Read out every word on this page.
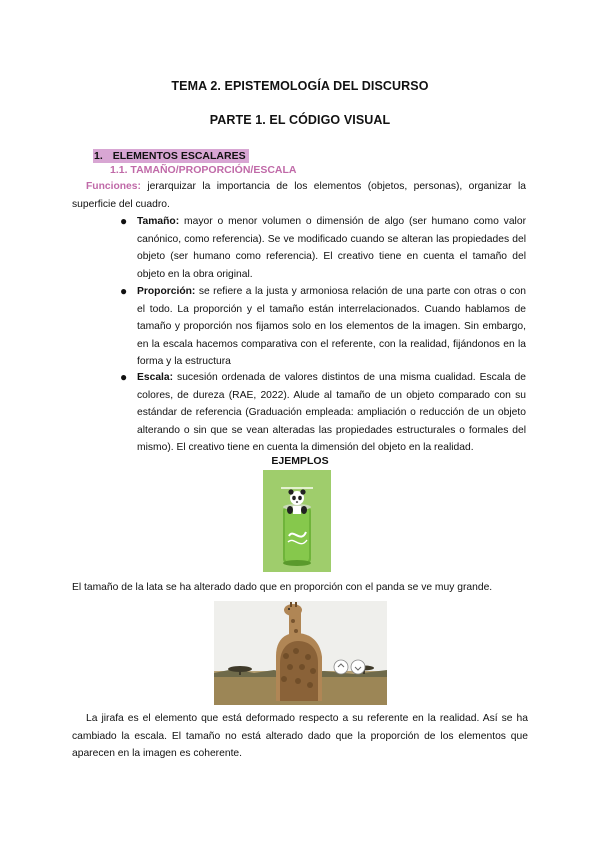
TEMA 2. EPISTEMOLOGÍA DEL DISCURSO
PARTE 1. EL CÓDIGO VISUAL
1. ELEMENTOS ESCALARES
1.1. TAMAÑO/PROPORCIÓN/ESCALA
Funciones: jerarquizar la importancia de los elementos (objetos, personas), organizar la superficie del cuadro.
● Tamaño: mayor o menor volumen o dimensión de algo (ser humano como valor canónico, como referencia). Se ve modificado cuando se alteran las propiedades del objeto (ser humano como referencia). El creativo tiene en cuenta el tamaño del objeto en la obra original.
● Proporción: se refiere a la justa y armoniosa relación de una parte con otras o con el todo. La proporción y el tamaño están interrelacionados. Cuando hablamos de tamaño y proporción nos fijamos solo en los elementos de la imagen. Sin embargo, en la escala hacemos comparativa con el referente, con la realidad, fijándonos en la forma y la estructura
● Escala: sucesión ordenada de valores distintos de una misma cualidad. Escala de colores, de dureza (RAE, 2022). Alude al tamaño de un objeto comparado con su estándar de referencia (Graduación empleada: ampliación o reducción de un objeto alterando o sin que se vean alteradas las propiedades estructurales o formales del mismo). El creativo tiene en cuenta la dimensión del objeto en la realidad.
EJEMPLOS
El tamaño de la lata se ha alterado dado que en proporción con el panda se ve muy grande.
La jirafa es el elemento que está deformado respecto a su referente en la realidad. Así se ha cambiado la escala. El tamaño no está alterado dado que la proporción de los elementos que aparecen en la imagen es coherente.
